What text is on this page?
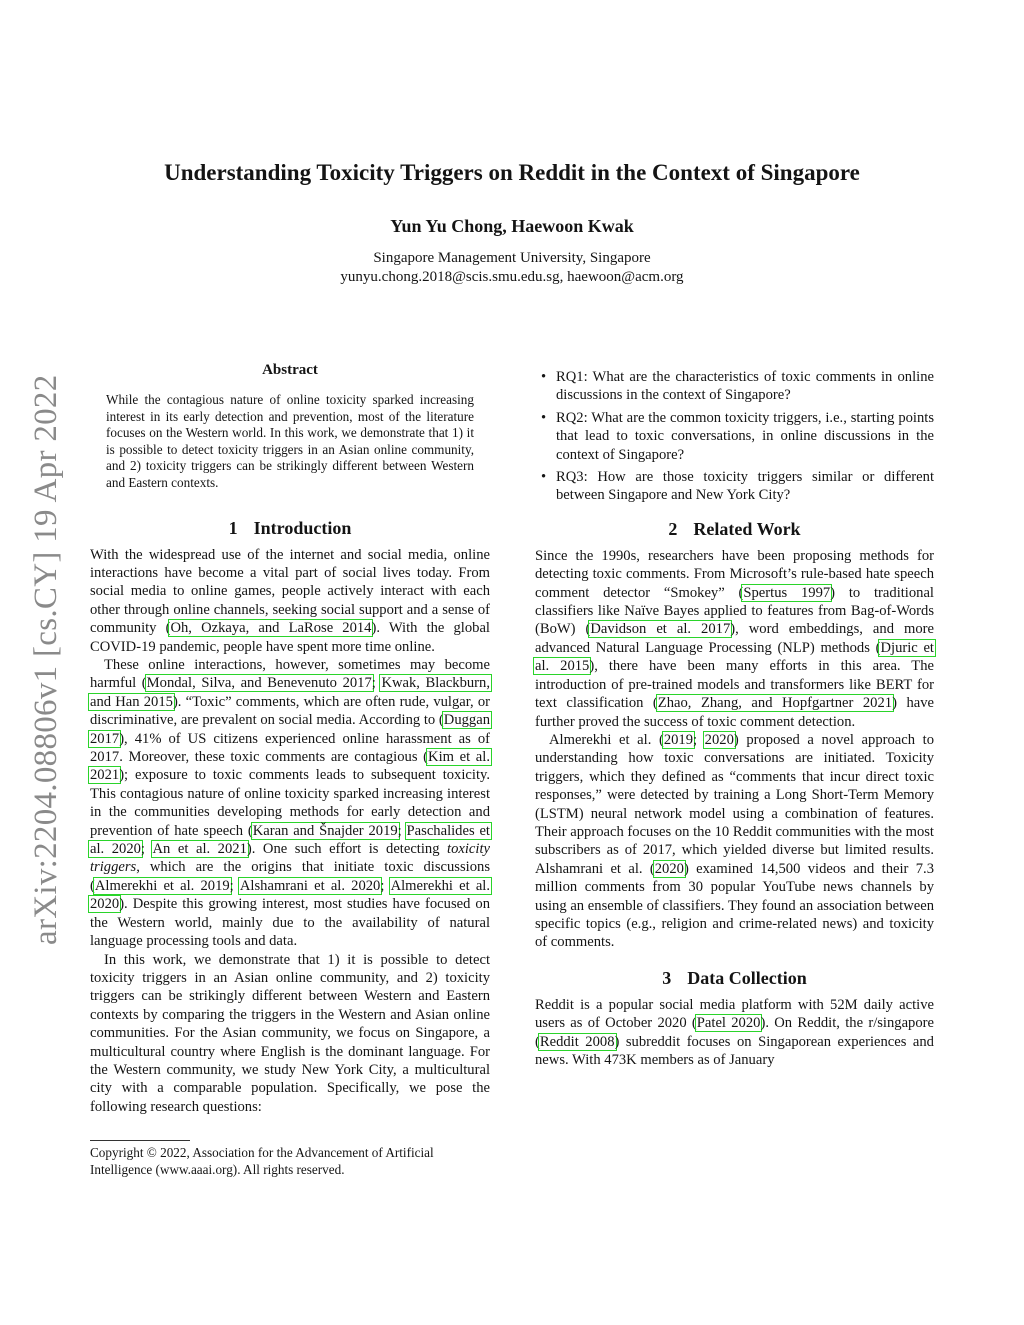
arXiv:2204.08806v1 [cs.CY] 19 Apr 2022
Understanding Toxicity Triggers on Reddit in the Context of Singapore
Yun Yu Chong, Haewoon Kwak
Singapore Management University, Singapore
yunyu.chong.2018@scis.smu.edu.sg, haewoon@acm.org
Abstract
While the contagious nature of online toxicity sparked increasing interest in its early detection and prevention, most of the literature focuses on the Western world. In this work, we demonstrate that 1) it is possible to detect toxicity triggers in an Asian online community, and 2) toxicity triggers can be strikingly different between Western and Eastern contexts.
1 Introduction

With the widespread use of the internet and social media, online interactions have become a vital part of social lives today. From social media to online games, people actively interact with each other through online channels, seeking social support and a sense of community (Oh, Ozkaya, and LaRose 2014). With the global COVID-19 pandemic, people have spent more time online.

These online interactions, however, sometimes may become harmful (Mondal, Silva, and Benevenuto 2017; Kwak, Blackburn, and Han 2015). “Toxic” comments, which are often rude, vulgar, or discriminative, are prevalent on social media. According to (Duggan 2017), 41% of US citizens experienced online harassment as of 2017. Moreover, these toxic comments are contagious (Kim et al. 2021); exposure to toxic comments leads to subsequent toxicity. This contagious nature of online toxicity sparked increasing interest in the communities developing methods for early detection and prevention of hate speech (Karan and Šnajder 2019; Paschalides et al. 2020; An et al. 2021). One such effort is detecting toxicity triggers, which are the origins that initiate toxic discussions (Almerekhi et al. 2019; Alshamrani et al. 2020; Almerekhi et al. 2020). Despite this growing interest, most studies have focused on the Western world, mainly due to the availability of natural language processing tools and data.

In this work, we demonstrate that 1) it is possible to detect toxicity triggers in an Asian online community, and 2) toxicity triggers can be strikingly different between Western and Eastern contexts by comparing the triggers in the Western and Asian online communities. For the Asian community, we focus on Singapore, a multicultural country where English is the dominant language. For the Western community, we study New York City, a multicultural city with a comparable population. Specifically, we pose the following research questions:

• RQ1: What are the characteristics of toxic comments in online discussions in the context of Singapore?
• RQ2: What are the common toxicity triggers, i.e., starting points that lead to toxic conversations, in online discussions in the context of Singapore?
• RQ3: How are those toxicity triggers similar or different between Singapore and New York City?
2 Related Work

Since the 1990s, researchers have been proposing methods for detecting toxic comments. From Microsoft’s rule-based hate speech comment detector “Smokey” (Spertus 1997) to traditional classifiers like Naïve Bayes applied to features from Bag-of-Words (BoW) (Davidson et al. 2017), word embeddings, and more advanced Natural Language Processing (NLP) methods (Djuric et al. 2015), there have been many efforts in this area. The introduction of pre-trained models and transformers like BERT for text classification (Zhao, Zhang, and Hopfgartner 2021) have further proved the success of toxic comment detection.

Almerekhi et al. (2019; 2020) proposed a novel approach to understanding how toxic conversations are initiated. Toxicity triggers, which they defined as “comments that incur direct toxic responses,” were detected by training a Long Short-Term Memory (LSTM) neural network model using a combination of features. Their approach focuses on the 10 Reddit communities with the most subscribers as of 2017, which yielded diverse but limited results. Alshamrani et al. (2020) examined 14,500 videos and their 7.3 million comments from 30 popular YouTube news channels by using an ensemble of classifiers. They found an association between specific topics (e.g., religion and crime-related news) and toxicity of comments.

3 Data Collection

Reddit is a popular social media platform with 52M daily active users as of October 2020 (Patel 2020). On Reddit, the r/singapore (Reddit 2008) subreddit focuses on Singaporean experiences and news. With 473K members as of January

Copyright © 2022, Association for the Advancement of Artificial Intelligence (www.aaai.org). All rights reserved.
